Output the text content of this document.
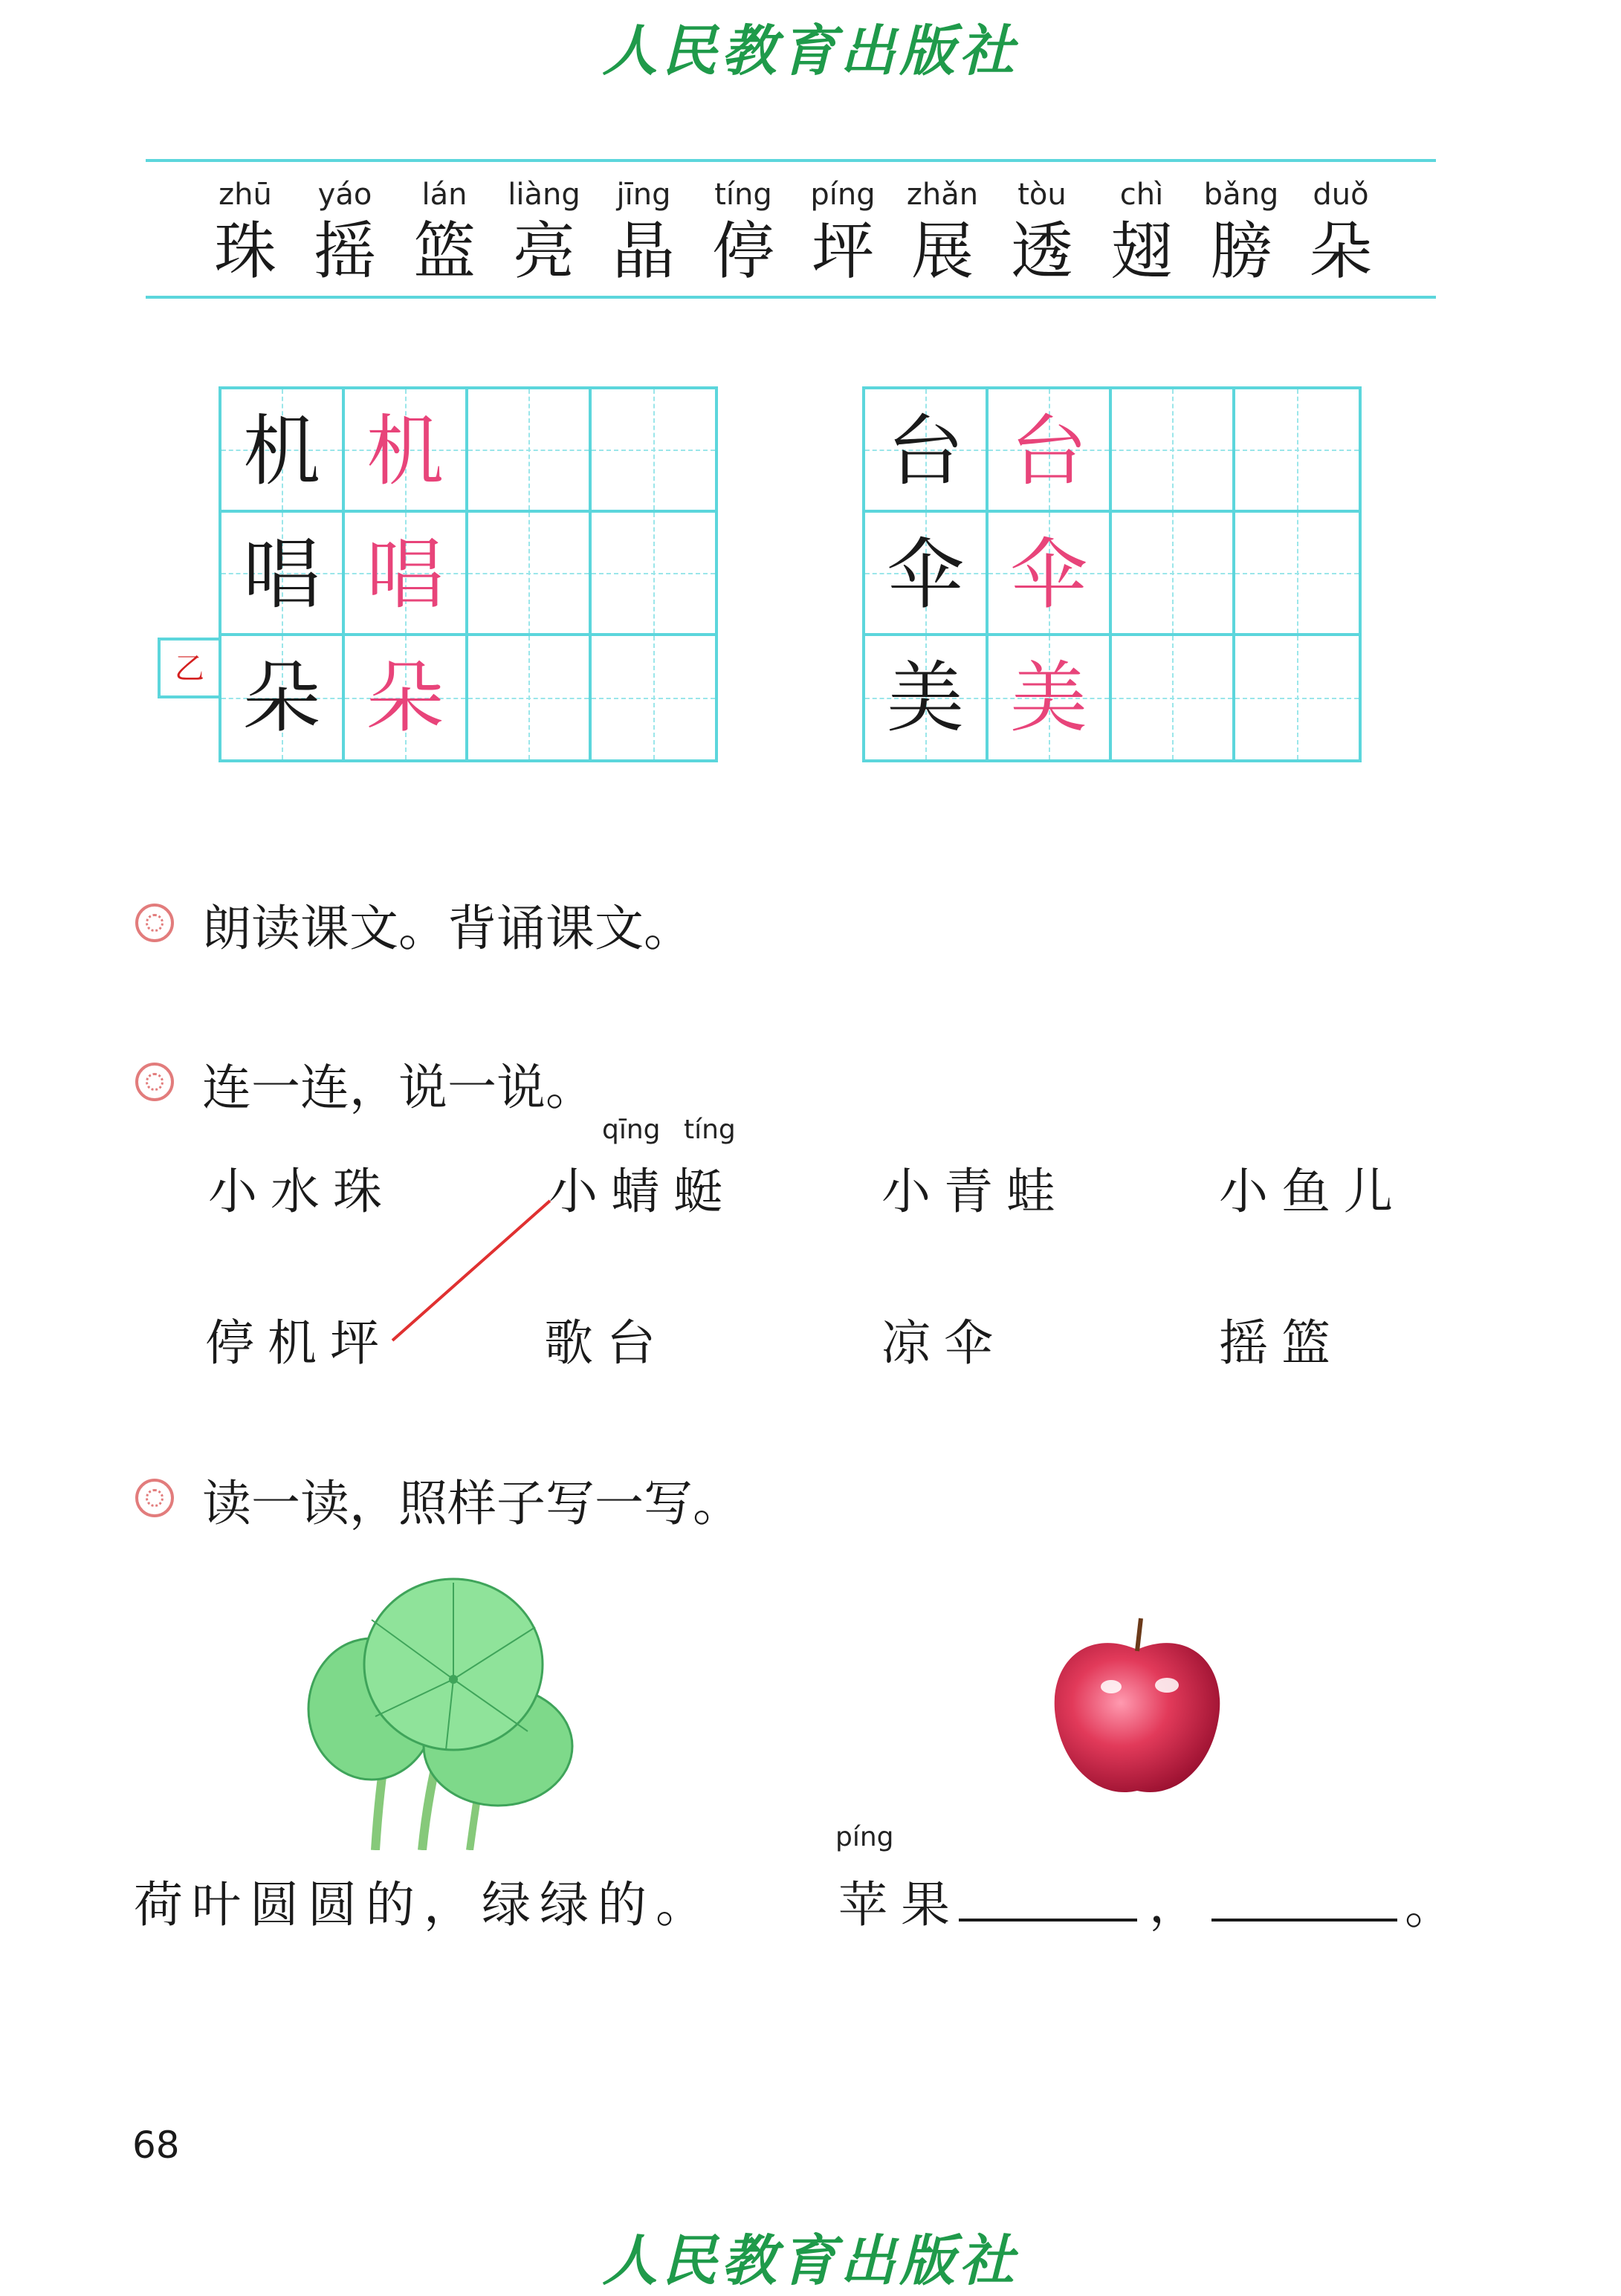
人民教育出版社
zhū
珠
yáo
摇
lán
篮
liàng
亮
jīng
晶
tíng
停
píng
坪
zhǎn
展
tòu
透
chì
翅
bǎng
膀
duǒ
朵
乙
机 机
唱 唱
朵 朵
台 台
伞 伞
美 美
朗读课文。背诵课文。
连一连，说一说。
qīng tíng
小水珠	小蜻蜓	小青蛙	小鱼儿
停机坪	歌台	凉伞	摇篮
读一读，照样子写一写。
荷叶圆圆的，绿绿的。
píng
苹果	，	。
68
人民教育出版社
